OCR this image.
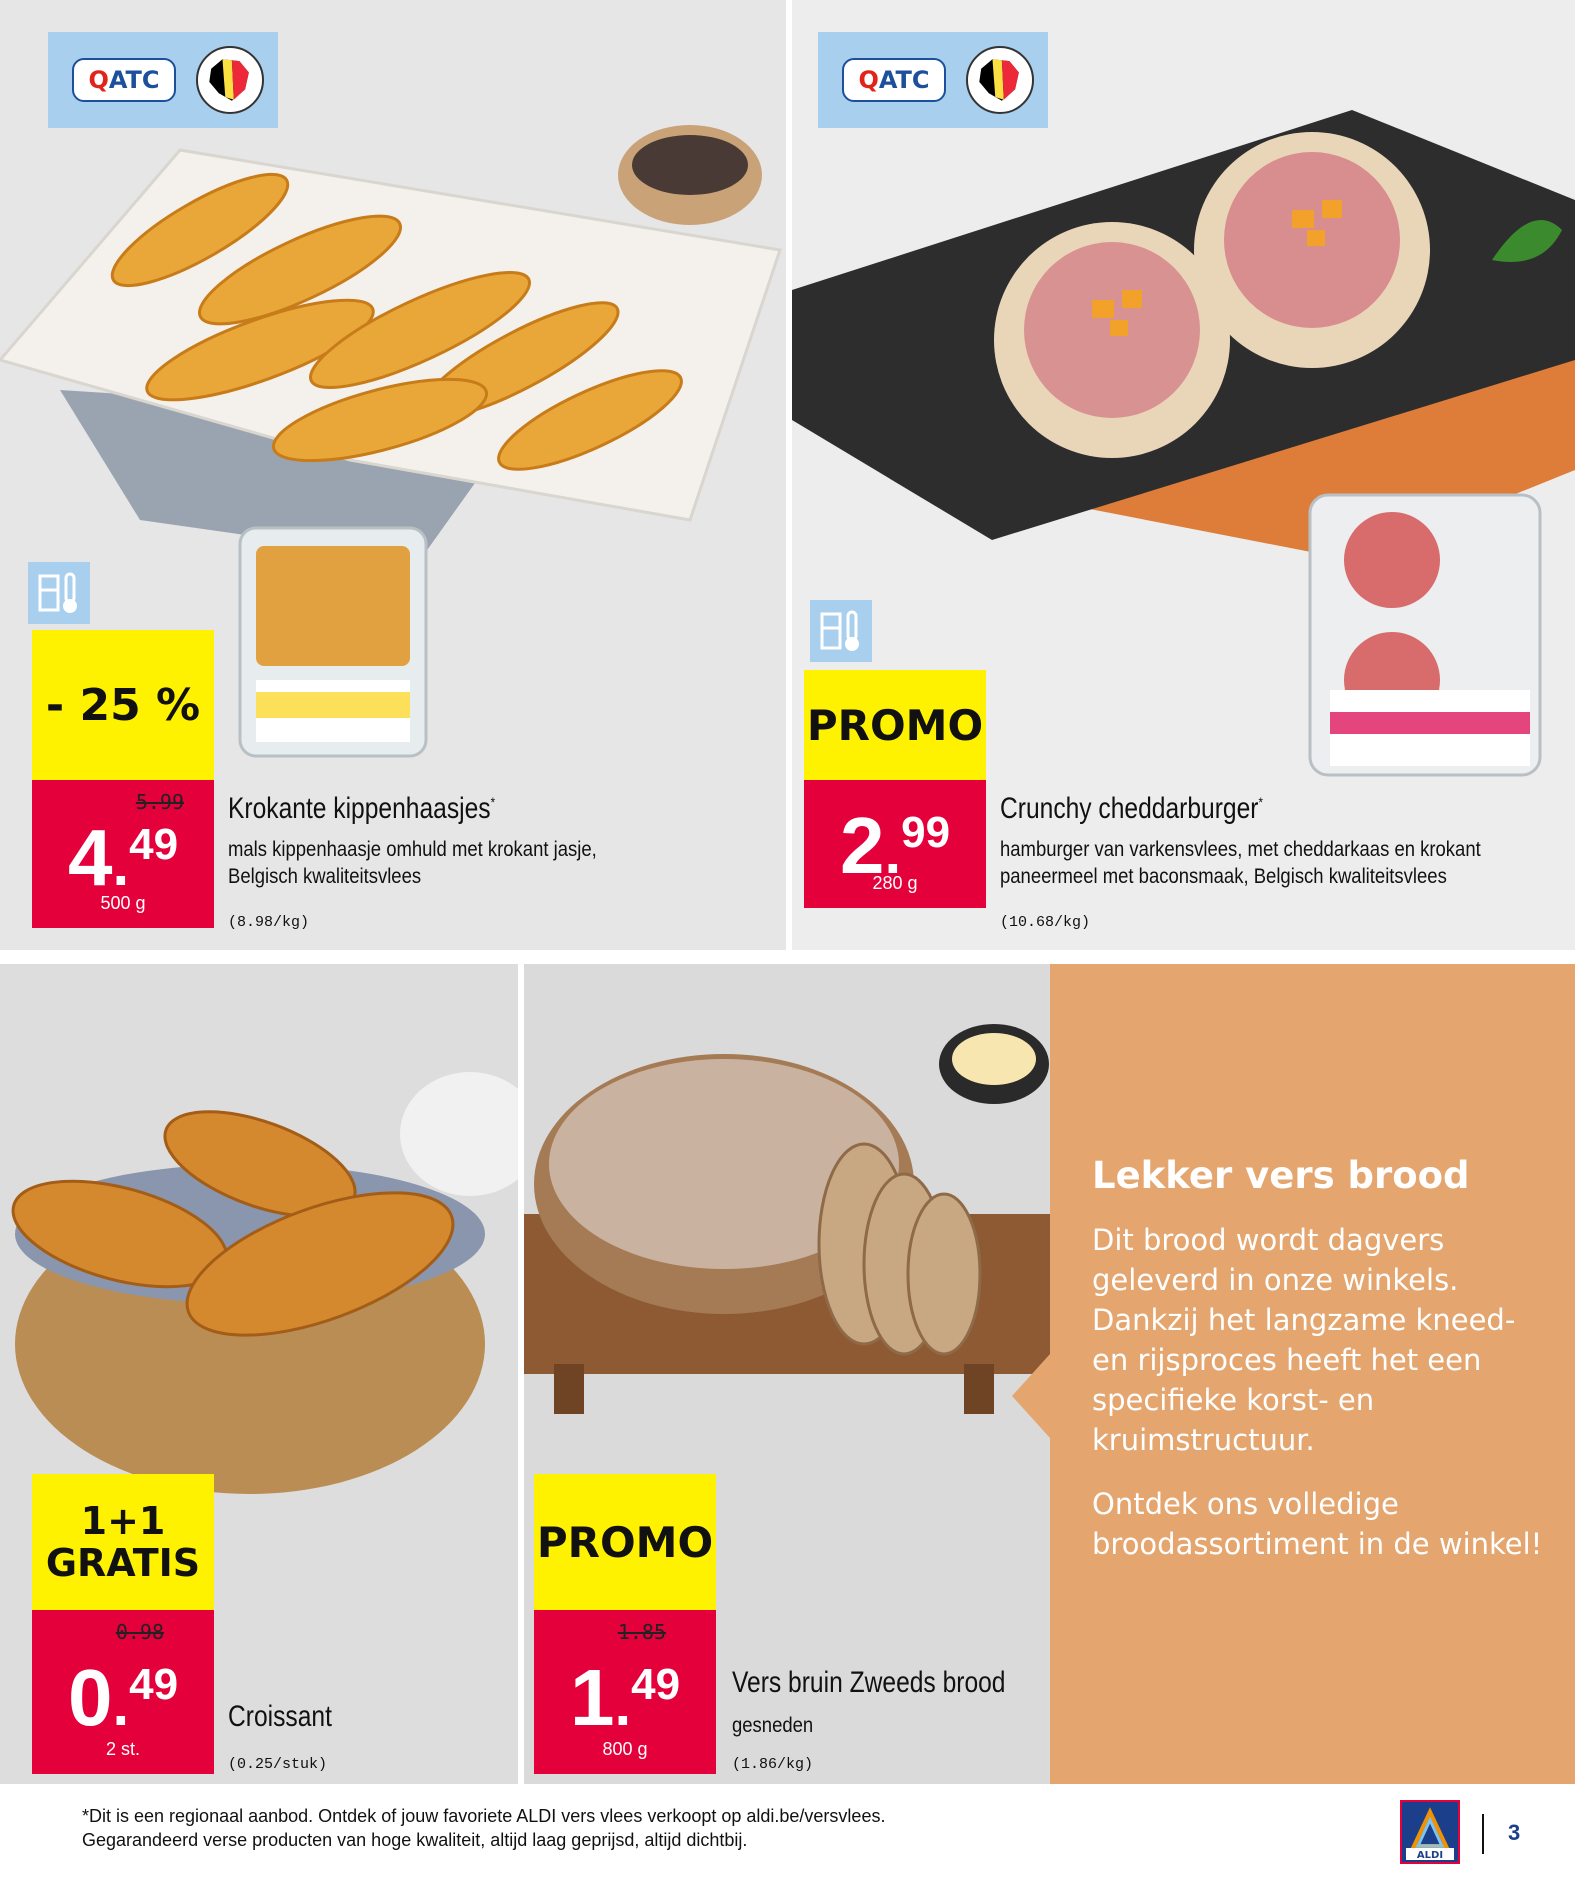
QATC
- 25 %
5.99
4.49
500 g
Krokante kippenhaasjes*
mals kippenhaasje omhuld met krokant jasje,
Belgisch kwaliteitsvlees
(8.98/kg)
QATC
PROMO
2.99
280 g
Crunchy cheddarburger*
hamburger van varkensvlees, met cheddarkaas en krokant
paneermeel met baconsmaak, Belgisch kwaliteitsvlees
(10.68/kg)
1+1
GRATIS
0.98
0.49
2 st.
Croissant
(0.25/stuk)
PROMO
1.85
1.49
800 g
Vers bruin Zweeds brood
gesneden
(1.86/kg)
Lekker vers brood
Dit brood wordt dagvers geleverd in onze winkels. Dankzij het langzame kneed- en rijsproces heeft het een specifieke korst- en kruimstructuur.
Ontdek ons volledige broodassortiment in de winkel!
*Dit is een regionaal aanbod. Ontdek of jouw favoriete ALDI vers vlees verkoopt op aldi.be/versvlees.
Gegarandeerd verse producten van hoge kwaliteit, altijd laag geprijsd, altijd dichtbij.
ALDI
3
